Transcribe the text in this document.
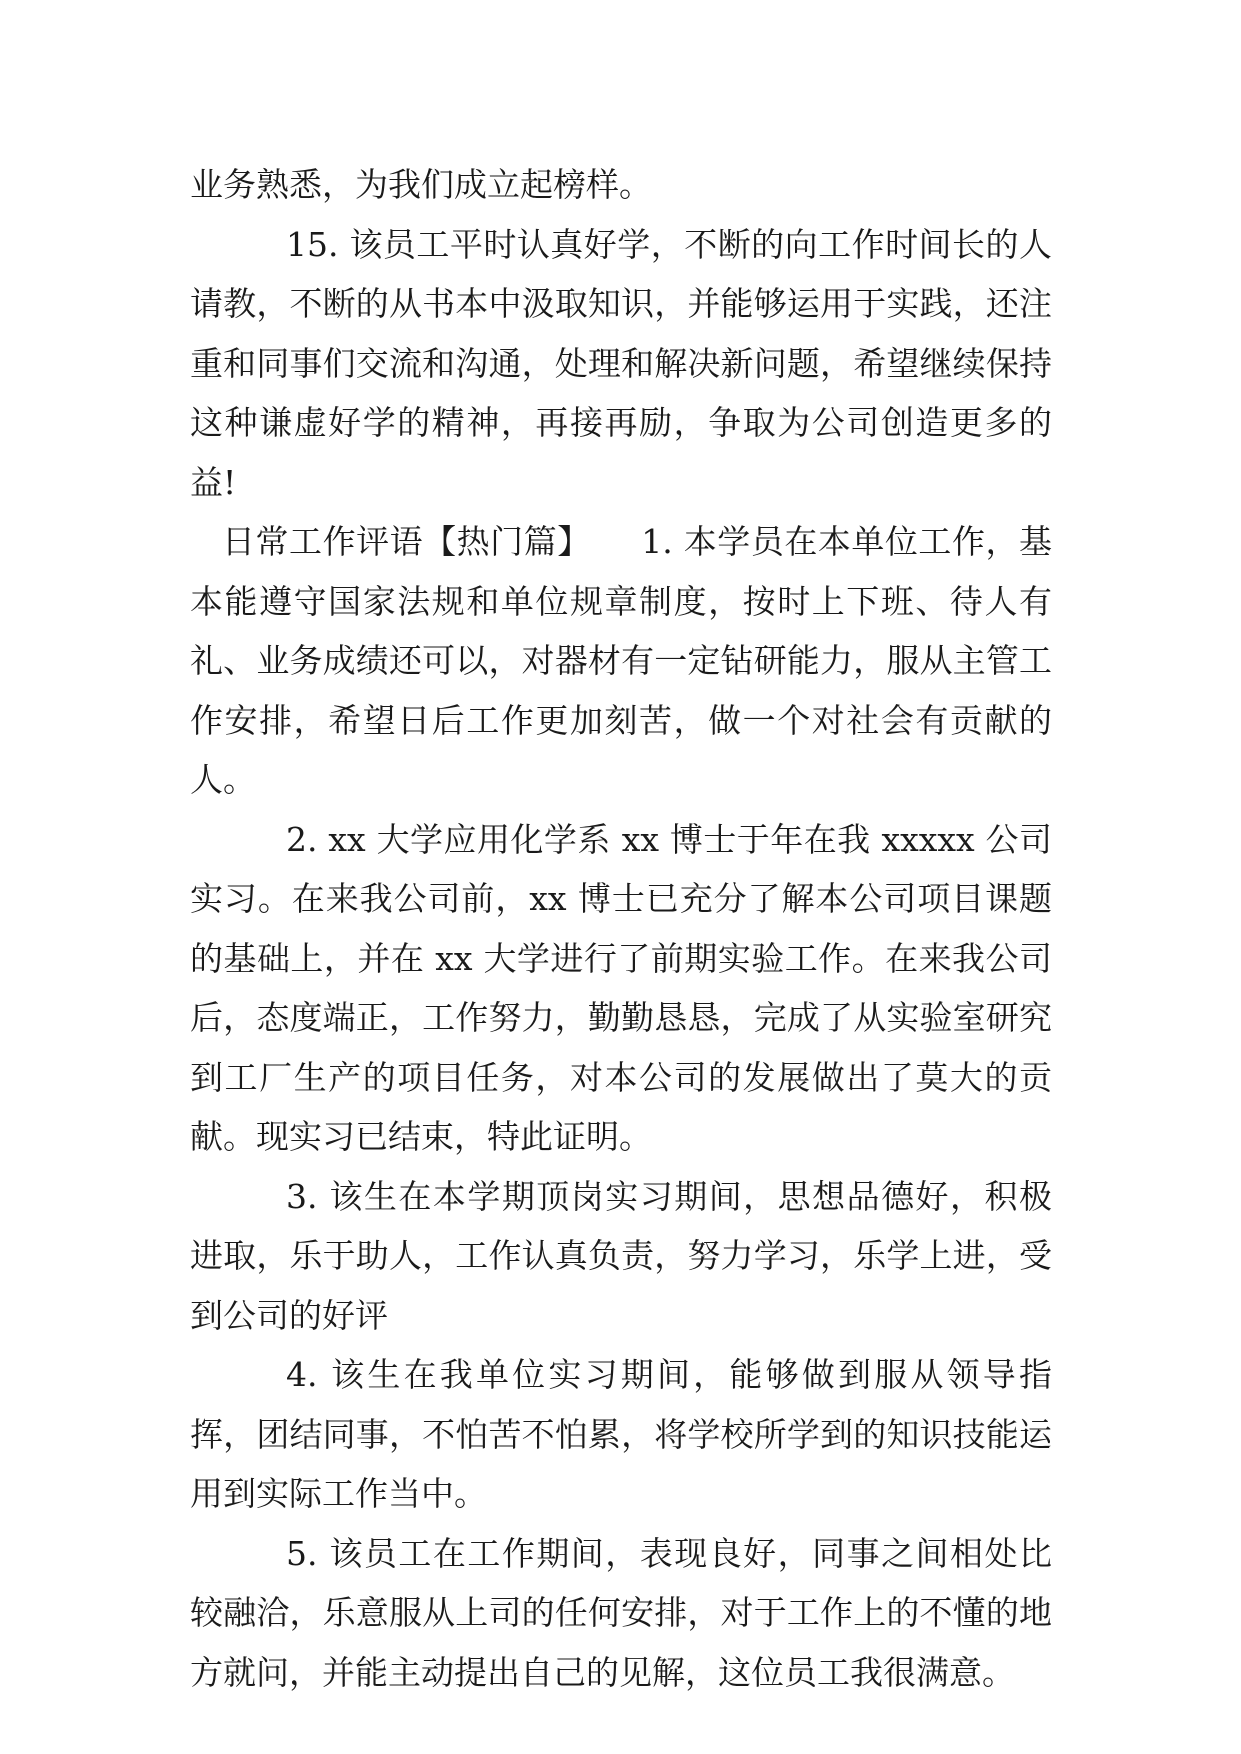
业务熟悉，为我们成立起榜样。

15. 该员工平时认真好学，不断的向工作时间长的人请教，不断的从书本中汲取知识，并能够运用于实践，还注重和同事们交流和沟通，处理和解决新问题，希望继续保持这种谦虚好学的精神，再接再励，争取为公司创造更多的益!

日常工作评语【热门篇】　　1. 本学员在本单位工作，基本能遵守国家法规和单位规章制度，按时上下班、待人有礼、业务成绩还可以，对器材有一定钻研能力，服从主管工作安排，希望日后工作更加刻苦，做一个对社会有贡献的人。

2. xx 大学应用化学系 xx 博士于年在我 xxxxx 公司实习。在来我公司前，xx 博士已充分了解本公司项目课题的基础上，并在 xx 大学进行了前期实验工作。在来我公司后，态度端正，工作努力，勤勤恳恳，完成了从实验室研究到工厂生产的项目任务，对本公司的发展做出了莫大的贡献。现实习已结束，特此证明。

3. 该生在本学期顶岗实习期间，思想品德好，积极进取，乐于助人，工作认真负责，努力学习，乐学上进，受到公司的好评

4. 该生在我单位实习期间，能够做到服从领导指挥，团结同事，不怕苦不怕累，将学校所学到的知识技能运用到实际工作当中。

5. 该员工在工作期间，表现良好，同事之间相处比较融洽，乐意服从上司的任何安排，对于工作上的不懂的地方就问，并能主动提出自己的见解，这位员工我很满意。
